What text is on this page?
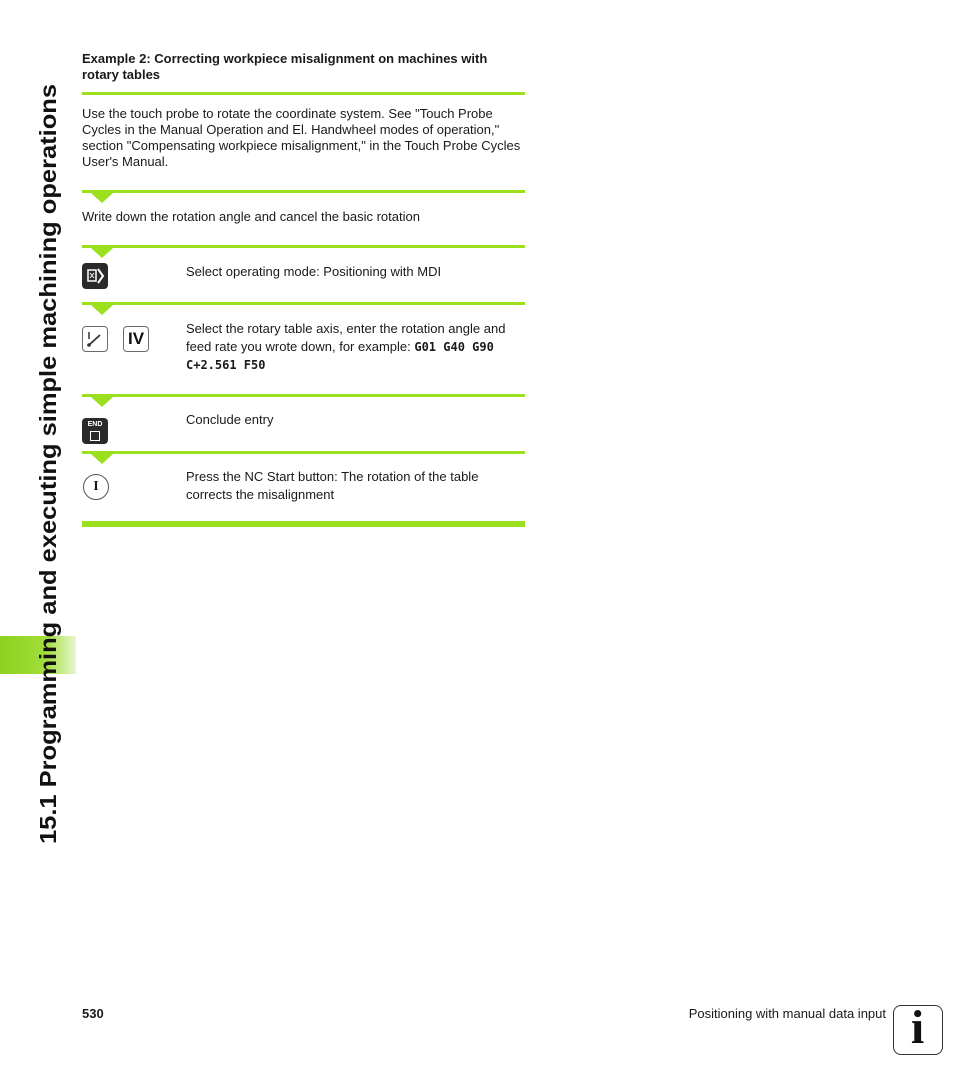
15.1 Programming and executing simple machining operations
Example 2: Correcting workpiece misalignment on machines with rotary tables
Use the touch probe to rotate the coordinate system. See "Touch Probe Cycles in the Manual Operation and El. Handwheel modes of operation," section "Compensating workpiece misalignment," in the Touch Probe Cycles User's Manual.
Write down the rotation angle and cancel the basic rotation
Select operating mode: Positioning with MDI
IV
Select the rotary table axis, enter the rotation angle and feed rate you wrote down, for example: G01 G40 G90 C+2.561 F50
END	Conclude entry
I
Press the NC Start button: The rotation of the table corrects the misalignment
530	Positioning with manual data input i
